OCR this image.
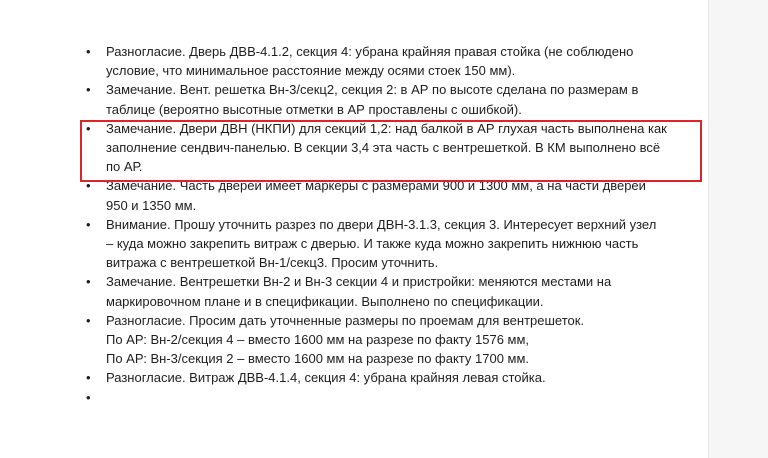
• Разногласие. Дверь ДВВ-4.1.2, секция 4: убрана крайняя правая стойка (не соблюдено
условие, что минимальное расстояние между осями стоек 150 мм).
• Замечание. Вент. решетка Вн-3/секц2, секция 2: в АР по высоте сделана по размерам в
таблице (вероятно высотные отметки в АР проставлены с ошибкой).
• Замечание. Двери ДВН (НКПИ) для секций 1,2: над балкой в АР глухая часть выполнена как
заполнение сендвич-панелью. В секции 3,4 эта часть с вентрешеткой. В КМ выполнено всё
по АР.
• Замечание. Часть дверей имеет маркеры с размерами 900 и 1300 мм, а на части дверей
950 и 1350 мм.
• Внимание. Прошу уточнить разрез по двери ДВН-3.1.3, секция 3. Интересует верхний узел
– куда можно закрепить витраж с дверью. И также куда можно закрепить нижнюю часть
витража с вентрешеткой Вн-1/секц3. Просим уточнить.
• Замечание. Вентрешетки Вн-2 и Вн-3 секции 4 и пристройки: меняются местами на
маркировочном плане и в спецификации. Выполнено по спецификации.
• Разногласие. Просим дать уточненные размеры по проемам для вентрешеток.
По АР: Вн-2/секция 4 – вместо 1600 мм на разрезе по факту 1576 мм,
По АР: Вн-3/секция 2 – вместо 1600 мм на разрезе по факту 1700 мм.
• Разногласие. Витраж ДВВ-4.1.4, секция 4: убрана крайняя левая стойка.
•
